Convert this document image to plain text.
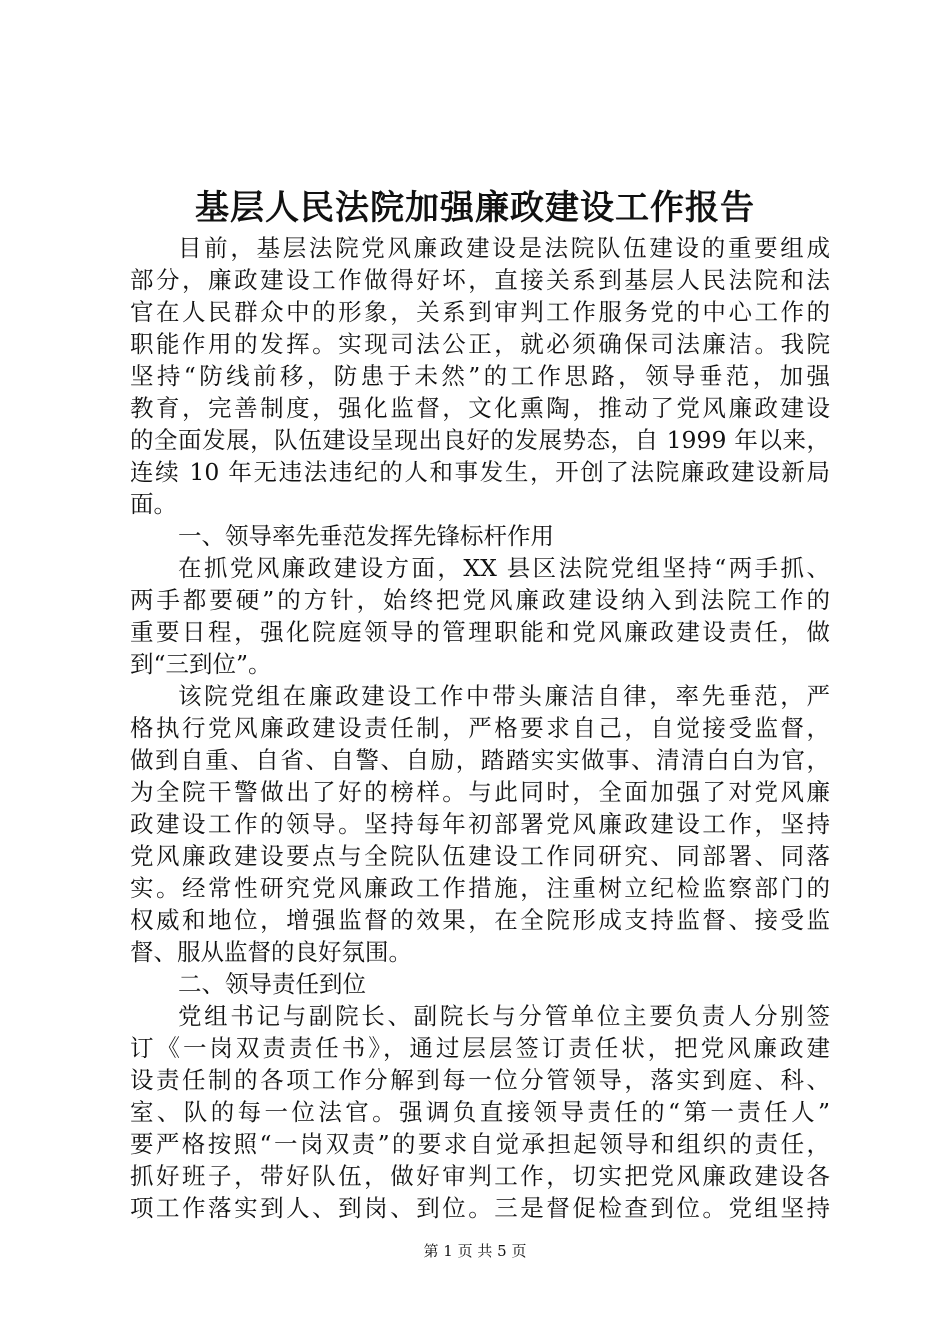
基层人民法院加强廉政建设工作报告
目前，基层法院党风廉政建设是法院队伍建设的重要组成
部分，廉政建设工作做得好坏，直接关系到基层人民法院和法
官在人民群众中的形象，关系到审判工作服务党的中心工作的
职能作用的发挥。实现司法公正，就必须确保司法廉洁。我院
坚持“防线前移，防患于未然”的工作思路，领导垂范，加强
教育，完善制度，强化监督，文化熏陶，推动了党风廉政建设
的全面发展，队伍建设呈现出良好的发展势态，自 1999 年以来，
连续 10 年无违法违纪的人和事发生，开创了法院廉政建设新局
面。
一、领导率先垂范发挥先锋标杆作用
在抓党风廉政建设方面，XX 县区法院党组坚持“两手抓、
两手都要硬”的方针，始终把党风廉政建设纳入到法院工作的
重要日程，强化院庭领导的管理职能和党风廉政建设责任，做
到“三到位”。
该院党组在廉政建设工作中带头廉洁自律，率先垂范，严
格执行党风廉政建设责任制，严格要求自己，自觉接受监督，
做到自重、自省、自警、自励，踏踏实实做事、清清白白为官，
为全院干警做出了好的榜样。与此同时，全面加强了对党风廉
政建设工作的领导。坚持每年初部署党风廉政建设工作，坚持
党风廉政建设要点与全院队伍建设工作同研究、同部署、同落
实。经常性研究党风廉政工作措施，注重树立纪检监察部门的
权威和地位，增强监督的效果，在全院形成支持监督、接受监
督、服从监督的良好氛围。
二、领导责任到位
党组书记与副院长、副院长与分管单位主要负责人分别签
订《一岗双责责任书》，通过层层签订责任状，把党风廉政建
设责任制的各项工作分解到每一位分管领导，落实到庭、科、
室、队的每一位法官。强调负直接领导责任的“第一责任人”
要严格按照“一岗双责”的要求自觉承担起领导和组织的责任，
抓好班子，带好队伍，做好审判工作，切实把党风廉政建设各
项工作落实到人、到岗、到位。三是督促检查到位。党组坚持
第 1 页 共 5 页
